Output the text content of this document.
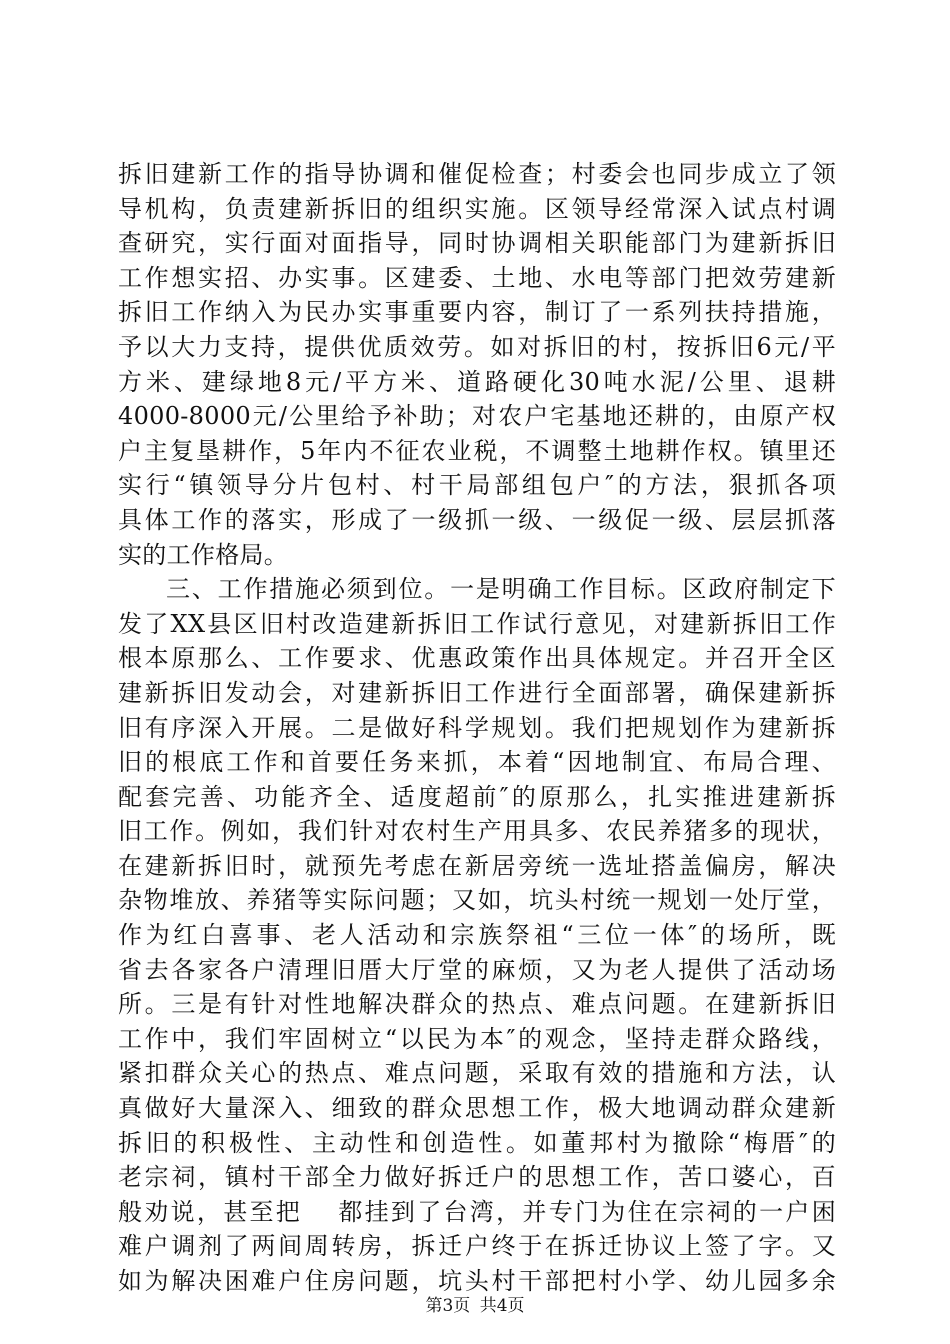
拆旧建新工作的指导协调和催促检查；村委会也同步成立了领
导机构，负责建新拆旧的组织实施。区领导经常深入试点村调
查研究，实行面对面指导，同时协调相关职能部门为建新拆旧
工作想实招、办实事。区建委、土地、水电等部门把效劳建新
拆旧工作纳入为民办实事重要内容，制订了一系列扶持措施，
予以大力支持，提供优质效劳。如对拆旧的村，按拆旧6元/平
方米、建绿地8元/平方米、道路硬化30吨水泥/公里、退耕
4000-8000元/公里给予补助；对农户宅基地还耕的，由原产权
户主复垦耕作，5年内不征农业税，不调整土地耕作权。镇里还
实行“镇领导分片包村、村干局部组包户″的方法，狠抓各项
具体工作的落实，形成了一级抓一级、一级促一级、层层抓落
实的工作格局。
三、工作措施必须到位。一是明确工作目标。区政府制定下
发了XX县区旧村改造建新拆旧工作试行意见，对建新拆旧工作
根本原那么、工作要求、优惠政策作出具体规定。并召开全区
建新拆旧发动会，对建新拆旧工作进行全面部署，确保建新拆
旧有序深入开展。二是做好科学规划。我们把规划作为建新拆
旧的根底工作和首要任务来抓，本着“因地制宜、布局合理、
配套完善、功能齐全、适度超前″的原那么，扎实推进建新拆
旧工作。例如，我们针对农村生产用具多、农民养猪多的现状，
在建新拆旧时，就预先考虑在新居旁统一选址搭盖偏房，解决
杂物堆放、养猪等实际问题；又如，坑头村统一规划一处厅堂，
作为红白喜事、老人活动和宗族祭祖“三位一体″的场所，既
省去各家各户清理旧厝大厅堂的麻烦，又为老人提供了活动场
所。三是有针对性地解决群众的热点、难点问题。在建新拆旧
工作中，我们牢固树立“以民为本″的观念，坚持走群众路线，
紧扣群众关心的热点、难点问题，采取有效的措施和方法，认
真做好大量深入、细致的群众思想工作，极大地调动群众建新
拆旧的积极性、主动性和创造性。如董邦村为撤除“梅厝″的
老宗祠，镇村干部全力做好拆迁户的思想工作，苦口婆心，百
般劝说，甚至把　 都挂到了台湾，并专门为住在宗祠的一户困
难户调剂了两间周转房，拆迁户终于在拆迁协议上签了字。又
如为解决困难户住房问题，坑头村干部把村小学、幼儿园多余
第3页 共4页
